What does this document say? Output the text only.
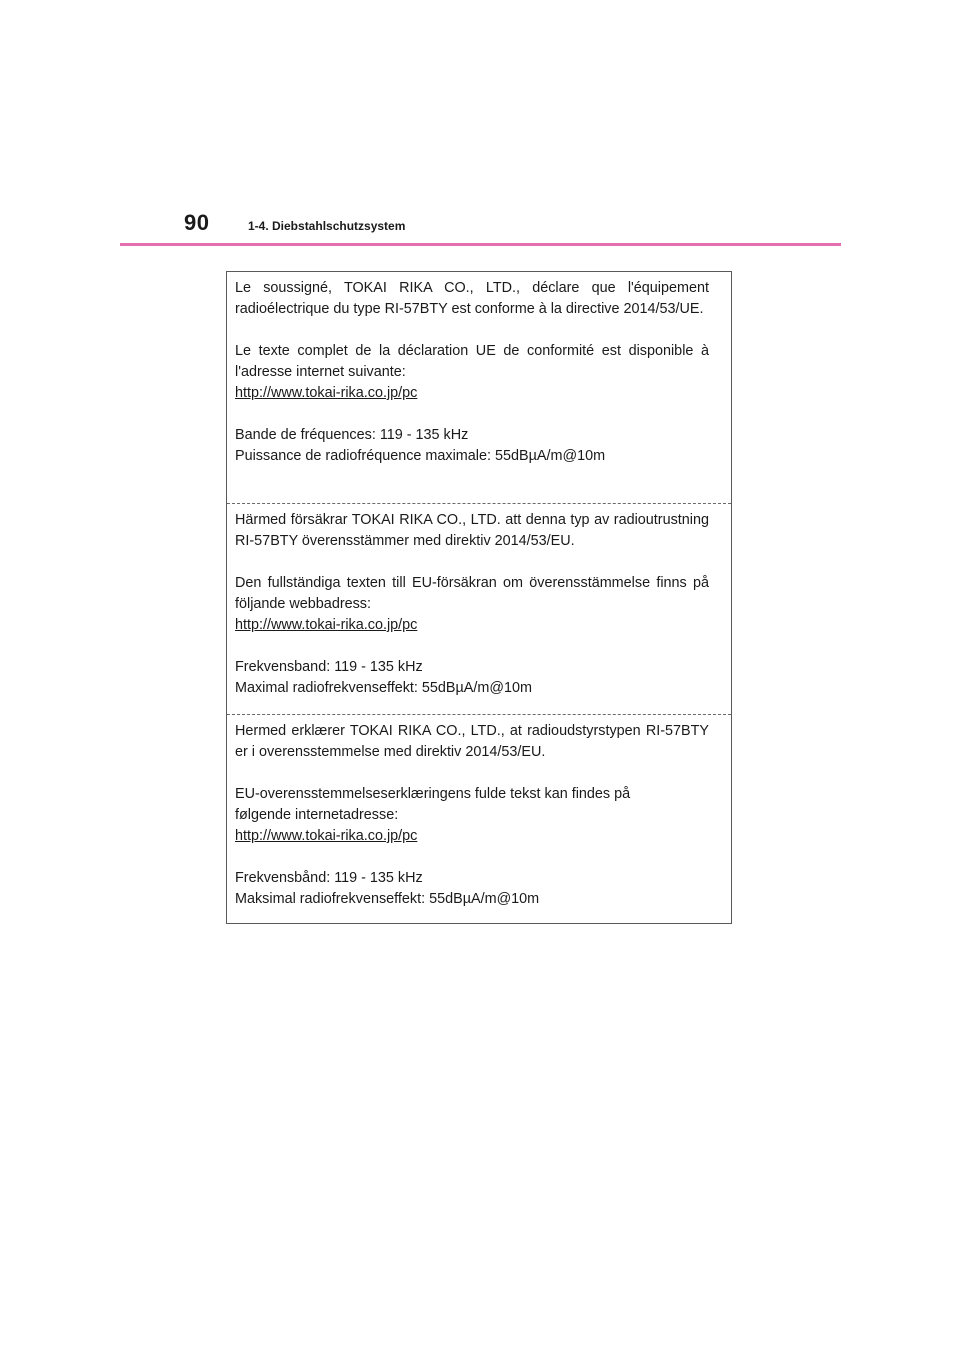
90	1-4. Diebstahlschutzsystem

Le soussigné, TOKAI RIKA CO., LTD., déclare que l'équipement radioélectrique du type RI-57BTY est conforme à la directive 2014/53/UE.

Le texte complet de la déclaration UE de conformité est disponible à l'adresse internet suivante:

http://www.tokai-rika.co.jp/pc

Bande de fréquences: 119 - 135 kHz

Puissance de radiofréquence maximale: 55dBµA/m@10m

Härmed försäkrar TOKAI RIKA CO., LTD. att denna typ av radioutrustning RI-57BTY överensstämmer med direktiv 2014/53/EU.

Den fullständiga texten till EU-försäkran om överensstämmelse finns på följande webbadress:

http://www.tokai-rika.co.jp/pc

Frekvensband: 119 - 135 kHz

Maximal radiofrekvenseffekt: 55dBµA/m@10m

Hermed erklærer TOKAI RIKA CO., LTD., at radioudstyrstypen RI-57BTY er i overensstemmelse med direktiv 2014/53/EU.

EU-overensstemmelseserklæringens fulde tekst kan findes på

følgende internetadresse:

http://www.tokai-rika.co.jp/pc

Frekvensbånd: 119 - 135 kHz

Maksimal radiofrekvenseffekt: 55dBµA/m@10m
